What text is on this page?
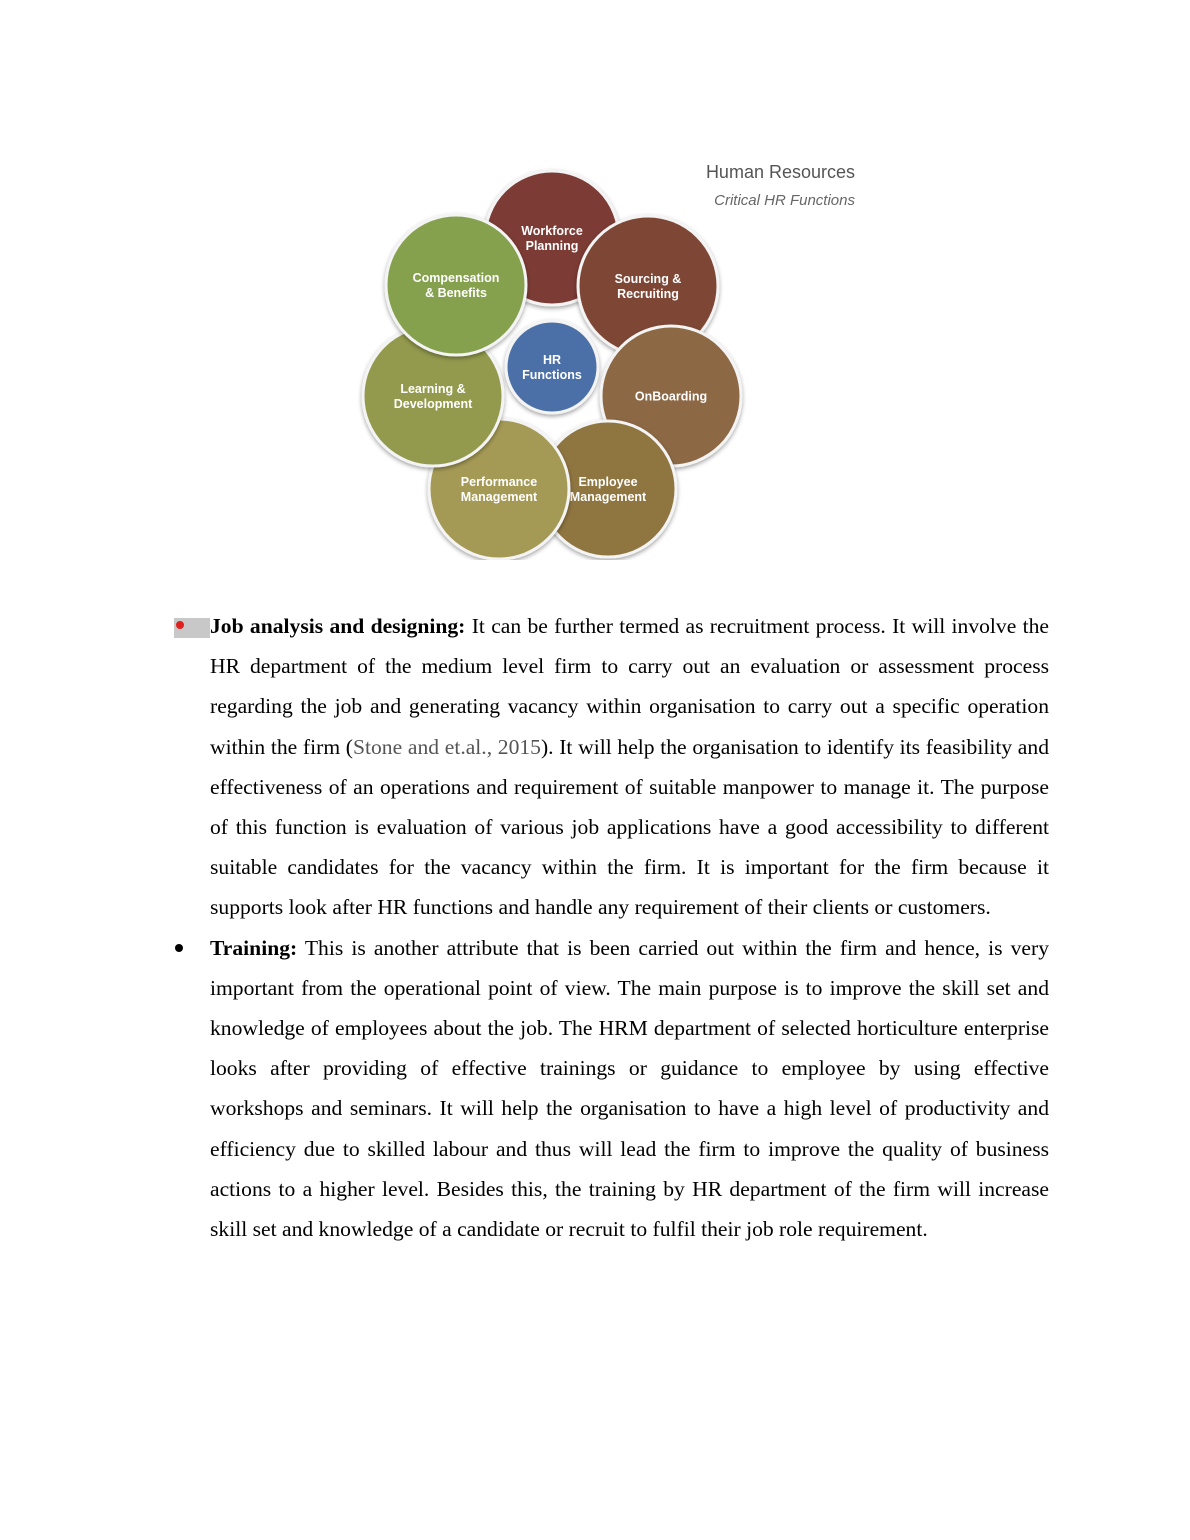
Human Resources
Critical HR Functions
Workforce
Planning
Sourcing &
Recruiting
OnBoarding
Employee
Management
Performance
Management
Learning &
Development
Compensation
& Benefits
HR
Functions
Job analysis and designing: It can be further termed as recruitment process. It will involve the HR department of the medium level firm to carry out an evaluation or assessment process regarding the job and generating vacancy within organisation to carry out a specific operation within the firm (Stone and et.al., 2015). It will help the organisation to identify its feasibility and effectiveness of an operations and requirement of suitable manpower to manage it. The purpose of this function is evaluation of various job applications have a good accessibility to different suitable candidates for the vacancy within the firm. It is important for the firm because it supports look after HR functions and handle any requirement of their clients or customers.
Training: This is another attribute that is been carried out within the firm and hence, is very important from the operational point of view. The main purpose is to improve the skill set and knowledge of employees about the job. The HRM department of selected horticulture enterprise looks after providing of effective trainings or guidance to employee by using effective workshops and seminars. It will help the organisation to have a high level of productivity and efficiency due to skilled labour and thus will lead the firm to improve the quality of business actions to a higher level. Besides this, the training by HR department of the firm will increase skill set and knowledge of a candidate or recruit to fulfil their job role requirement.
